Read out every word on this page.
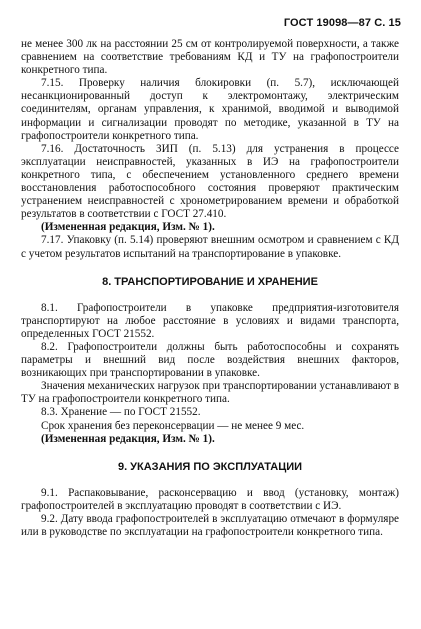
ГОСТ 19098—87 С. 15

не менее 300 лк на расстоянии 25 см от контролируемой поверхности, а также сравнением на соответствие требованиям КД и ТУ на графопостроители конкретного типа.

7.15. Проверку наличия блокировки (п. 5.7), исключающей несанкционированный доступ к электромонтажу, электрическим соединителям, органам управления, к хранимой, вводимой и выводимой информации и сигнализации проводят по методике, указанной в ТУ на графопостроители конкретного типа.

7.16. Достаточность ЗИП (п. 5.13) для устранения в процессе эксплуатации неисправностей, указанных в ИЭ на графопостроители конкретного типа, с обеспечением установленного среднего времени восстановления работоспособного состояния проверяют практическим устранением неисправностей с хронометрированием времени и обработкой результатов в соответствии с ГОСТ 27.410.

(Измененная редакция, Изм. № 1).

7.17. Упаковку (п. 5.14) проверяют внешним осмотром и сравнением с КД с учетом результатов испытаний на транспортирование в упаковке.

8. ТРАНСПОРТИРОВАНИЕ И ХРАНЕНИЕ

8.1. Графопостроители в упаковке предприятия-изготовителя транспортируют на любое расстояние в условиях и видами транспорта, определенных ГОСТ 21552.

8.2. Графопостроители должны быть работоспособны и сохранять параметры и внешний вид после воздействия внешних факторов, возникающих при транспортировании в упаковке.

Значения механических нагрузок при транспортировании устанавливают в ТУ на графопостроители конкретного типа.

8.3. Хранение — по ГОСТ 21552.

Срок хранения без переконсервации — не менее 9 мес.

(Измененная редакция, Изм. № 1).

9. УКАЗАНИЯ ПО ЭКСПЛУАТАЦИИ

9.1. Распаковывание, расконсервацию и ввод (установку, монтаж) графопостроителей в эксплуатацию проводят в соответствии с ИЭ.

9.2. Дату ввода графопостроителей в эксплуатацию отмечают в формуляре или в руководстве по эксплуатации на графопостроители конкретного типа.
